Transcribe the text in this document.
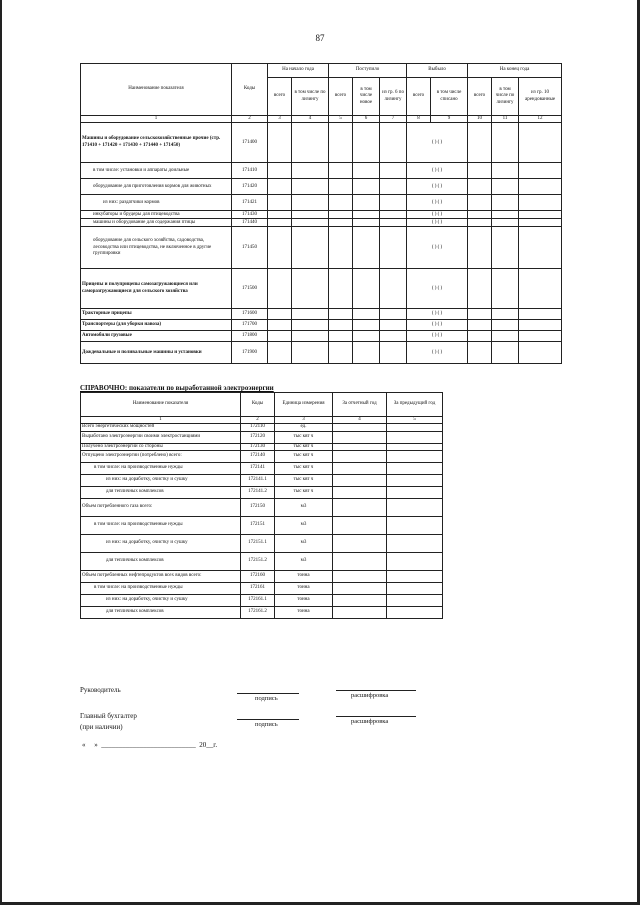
87
Наименование показателя	Коды	На начало года		Поступило			Выбыло		На конец года		
		всего	в том числе по лизингу	всего	в том числе новое	из гр. 6 по лизингу	всего	в том числе списано	всего	в том числе по лизингу	из гр. 10 арендованные
1	2	3	4	5	6	7	8	9	10	11	12
Машины и оборудование сельскохозяйственные прочие (стр. 171410 + 171420 + 171430 + 171440 + 171450)	171400						( ) ( )				
в том числе: установки и аппараты доильные	171410						( ) ( )				
оборудование для приготовления кормов для животных	171420						( ) ( )				
из них: раздатчики кормов	171421						( ) ( )				
инкубаторы и брудеры для птицеводства	171430						( ) ( )				
машины и оборудование для содержания птицы	171440						( ) ( )				
оборудование для сельского хозяйства, садоводства, лесоводства или птицеводства, не включенное в другие группировки	171450						( ) ( )				
Прицепы и полуприцепы самозагружающиеся или саморазгружающиеся для сельского хозяйства	171500						( ) ( )				
Тракторные прицепы	171600						( ) ( )				
Транспортеры (для уборки навоза)	171700						( ) ( )				
Автомобили грузовые	171800						( ) ( )				
Дождевальные и поливальные машины и установки	171900						( ) ( )				
СПРАВОЧНО: показатели по выработанной электроэнергии
Наименование показателя	Коды	Единица измерения	За отчетный год	За предыдущий год
1	2	3	4	5
Всего энергетических мощностей	172110	ед.		
Выработано электроэнергии своими электростанциями	172120	тыс квт ч		
Получено электроэнергии со стороны	172130	тыс квт ч		
Отпущено электроэнергии (потреблено) всего:	172140	тыс квт ч		
в том числе: на производственные нужды	172141	тыс квт ч		
из них: на доработку, очистку и сушку	172141.1	тыс квт ч		
для тепличных комплексов	172141.2	тыс квт ч		
Объем потребленного газа всего:	172150	м3		
в том числе: на производственные нужды	172151	м3		
из них: на доработку, очистку и сушку	172151.1	м3		
для тепличных комплексов	172151.2	м3		
Объем потребленных нефтепродуктов всех видов всего:	172160	тонна		
в том числе: на производственные нужды	172161	тонна		
из них: на доработку, очистку и сушку	172161.1	тонна		
для тепличных комплексов	172161.2	тонна		
Руководитель
подпись	расшифровка
Главный бухгалтер
(при наличии)	подпись	расшифровка
«     »  ___________________________  20__г.
